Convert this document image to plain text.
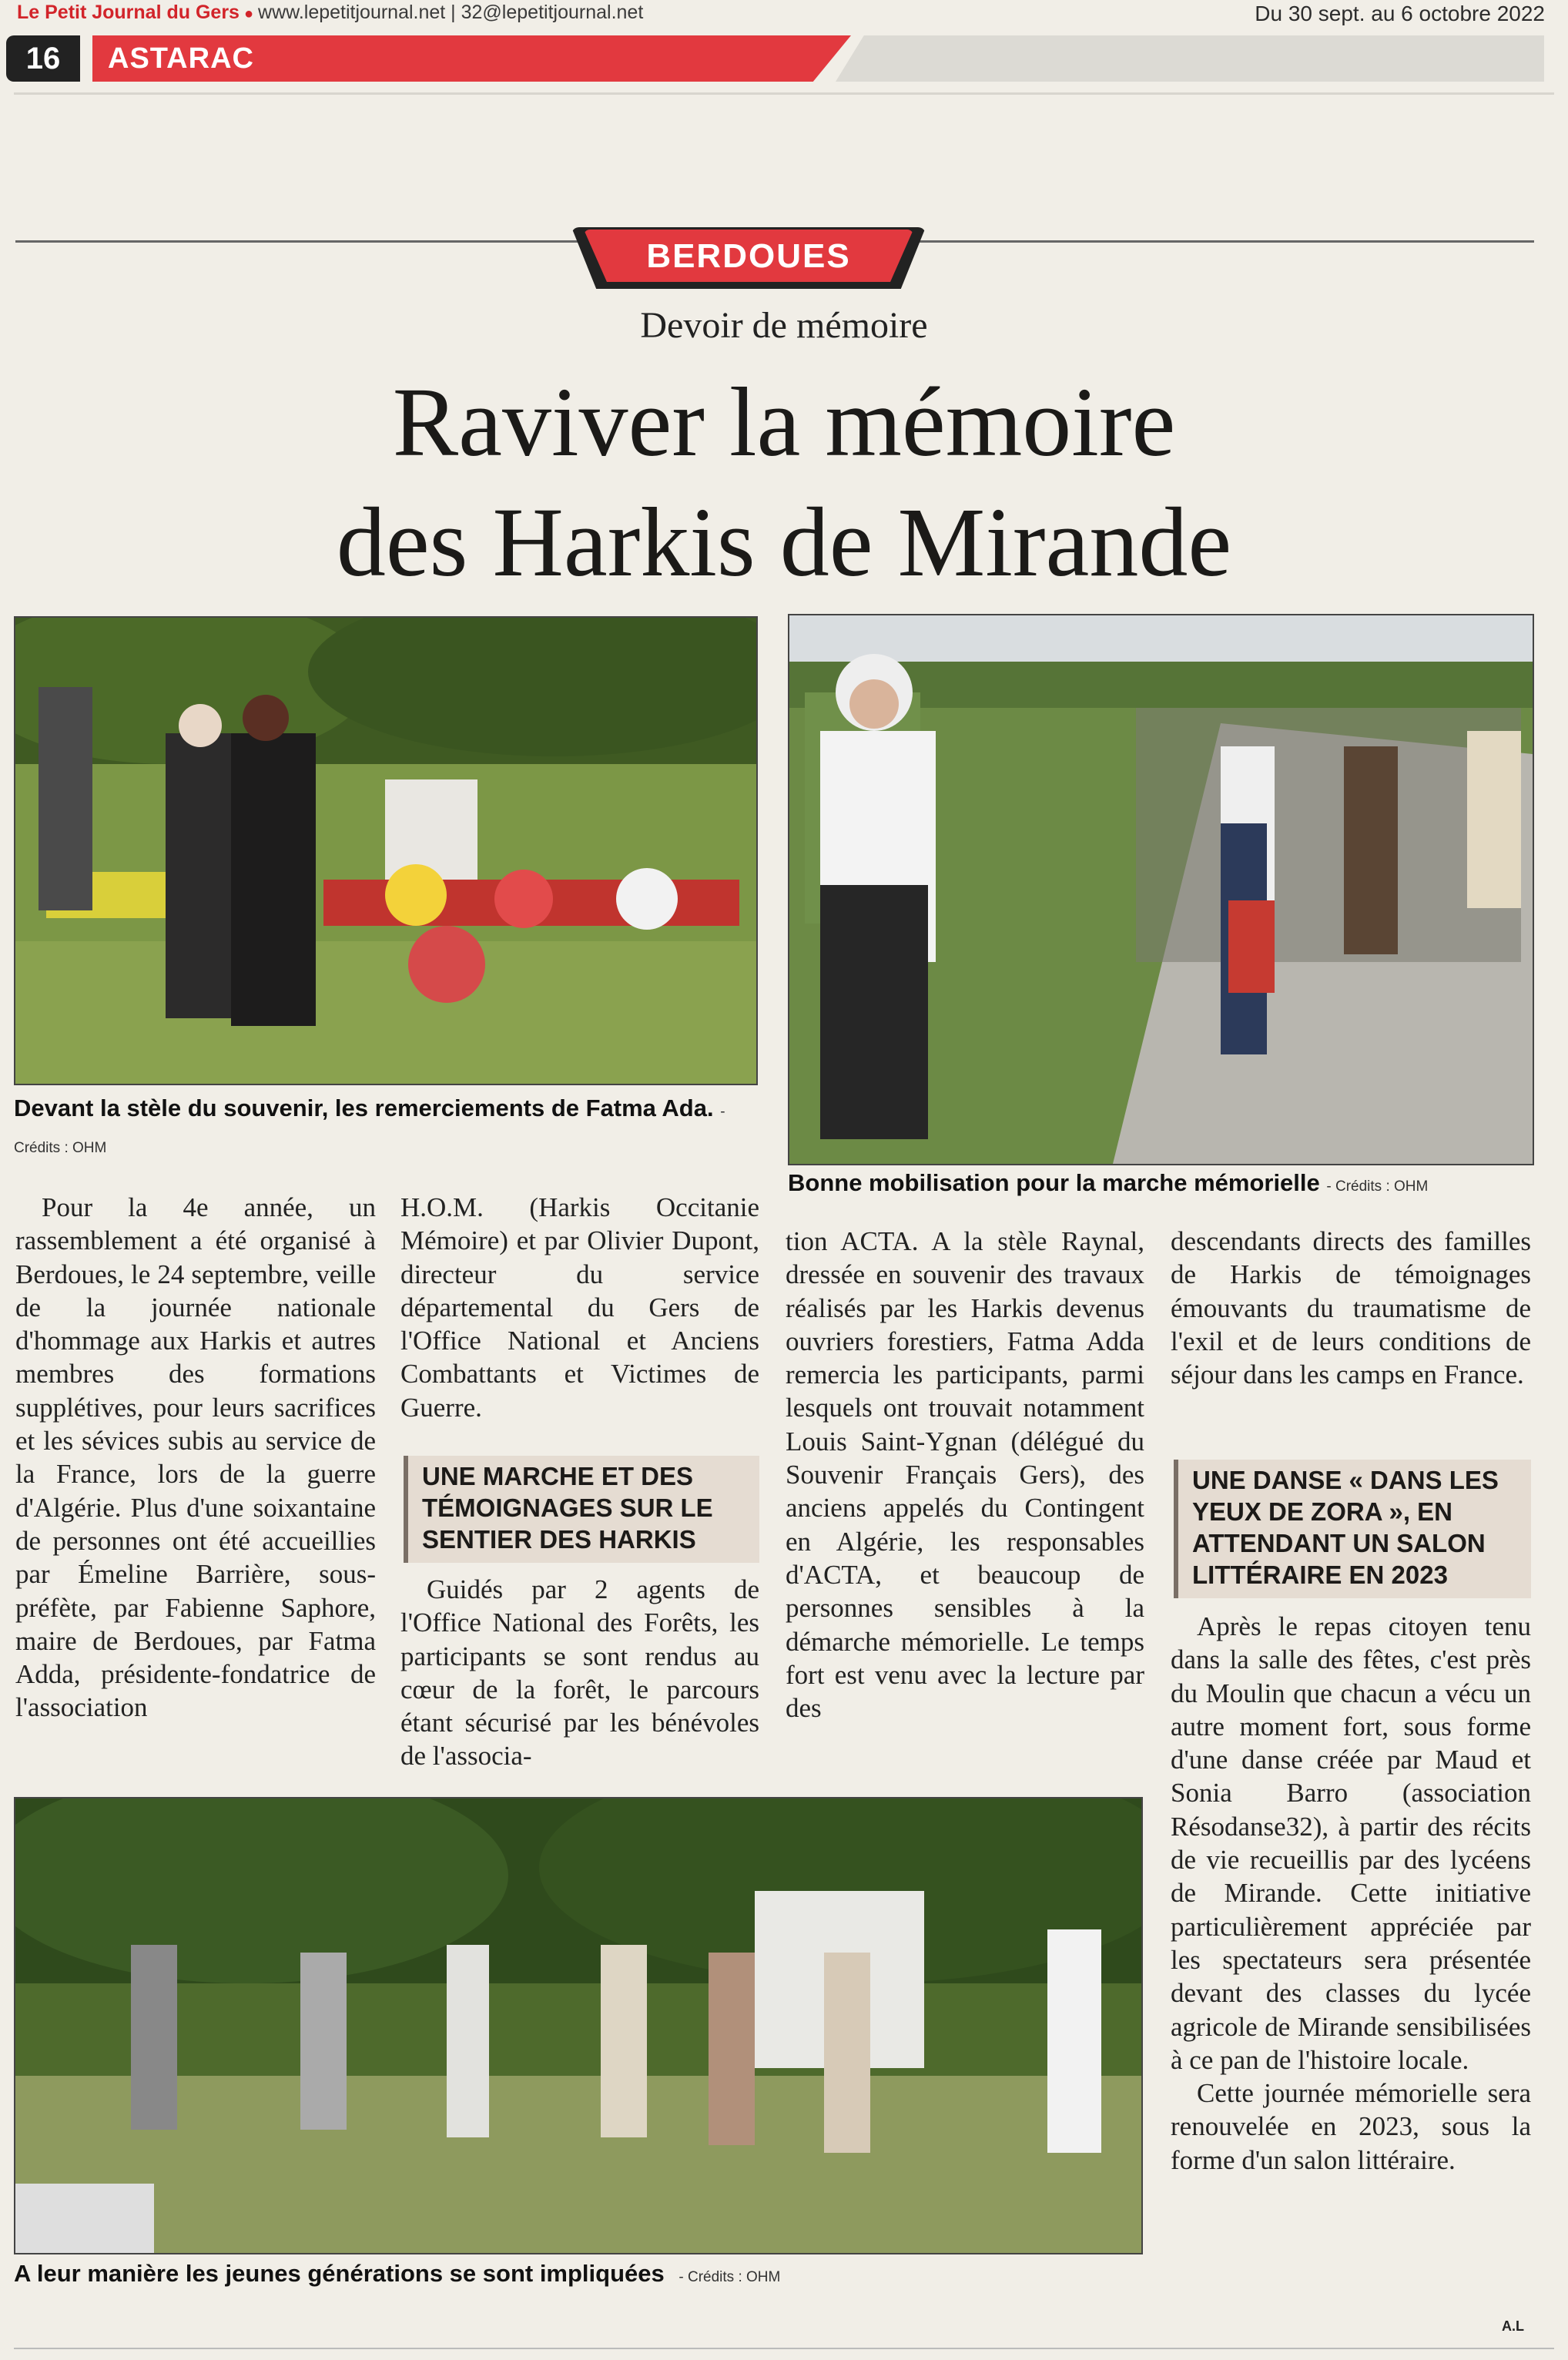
Le Petit Journal du Gers ● www.lepetitjournal.net | 32@lepetitjournal.net	Du 30 sept. au 6 octobre 2022
16	ASTARAC
BERDOUES
Devoir de mémoire
Raviver la mémoire
des Harkis de Mirande
Devant la stèle du souvenir, les remerciements de Fatma Ada. - Crédits : OHM
Bonne mobilisation pour la marche mémorielle - Crédits : OHM

Pour la 4e année, un rassemblement a été organisé à Berdoues, le 24 septembre, veille de la journée nationale d'hommage aux Harkis et autres membres des formations supplétives, pour leurs sacrifices et les sévices subis au service de la France, lors de la guerre d'Algérie. Plus d'une soixantaine de personnes ont été accueillies par Émeline Barrière, sous-préfète, par Fabienne Saphore, maire de Berdoues, par Fatma Adda, présidente-fondatrice de l'association

H.O.M. (Harkis Occitanie Mémoire) et par Olivier Dupont, directeur du service départemental du Gers de l'Office National et Anciens Combattants et Victimes de Guerre.

UNE MARCHE ET DES TÉMOIGNAGES SUR LE SENTIER DES HARKIS

Guidés par 2 agents de l'Office National des Forêts, les participants se sont rendus au cœur de la forêt, le parcours étant sécurisé par les bénévoles de l'associa-

tion ACTA. A la stèle Raynal, dressée en souvenir des travaux réalisés par les Harkis devenus ouvriers forestiers, Fatma Adda remercia les participants, parmi lesquels ont trouvait notamment Louis Saint-Ygnan (délégué du Souvenir Français Gers), des anciens appelés du Contingent en Algérie, les responsables d'ACTA, et beaucoup de personnes sensibles à la démarche mémorielle. Le temps fort est venu avec la lecture par des

descendants directs des familles de Harkis de témoignages émouvants du traumatisme de l'exil et de leurs conditions de séjour dans les camps en France.

UNE DANSE « DANS LES YEUX DE ZORA », EN ATTENDANT UN SALON LITTÉRAIRE EN 2023

Après le repas citoyen tenu dans la salle des fêtes, c'est près du Moulin que chacun a vécu un autre moment fort, sous forme d'une danse créée par Maud et Sonia Barro (association Résodanse32), à partir des récits de vie recueillis par des lycéens de Mirande. Cette initiative particulièrement appréciée par les spectateurs sera présentée devant des classes du lycée agricole de Mirande sensibilisées à ce pan de l'histoire locale.

Cette journée mémorielle sera renouvelée en 2023, sous la forme d'un salon littéraire.

A leur manière les jeunes générations se sont impliquées - Crédits : OHM
A.L
